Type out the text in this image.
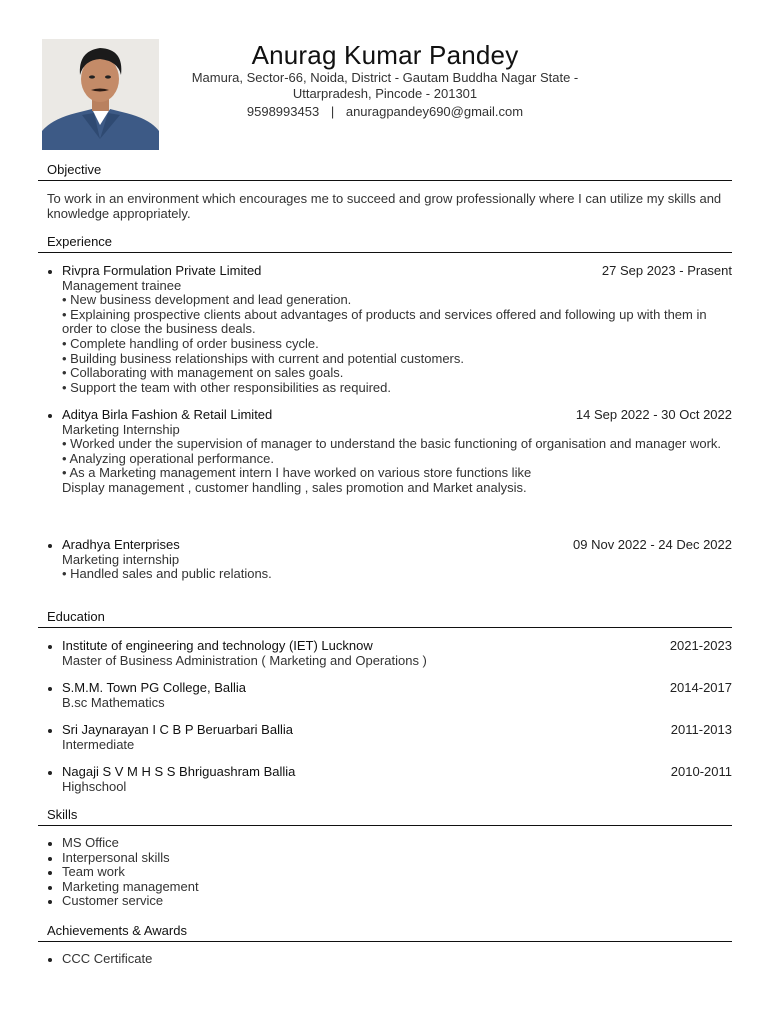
Anurag Kumar Pandey
Mamura, Sector-66, Noida, District - Gautam Buddha Nagar State - Uttarpradesh, Pincode - 201301
9598993453 | anuragpandey690@gmail.com
Objective
To work in an environment which encourages me to succeed and grow professionally where I can utilize my skills and knowledge appropriately.
Experience
Rivpra Formulation Private Limited	27 Sep 2023 - Prasent
Management trainee
• New business development and lead generation.
• Explaining prospective clients about advantages of products and services offered and following up with them in order to close the business deals.
• Complete handling of order business cycle.
• Building business relationships with current and potential customers.
• Collaborating with management on sales goals.
• Support the team with other responsibilities as required.
Aditya Birla Fashion & Retail Limited	14 Sep 2022 - 30 Oct 2022
Marketing Internship
• Worked under the supervision of manager to understand the basic functioning of organisation and manager work.
• Analyzing operational performance.
• As a Marketing management intern I have worked on various store functions like
Display management , customer handling , sales promotion and Market analysis.
Aradhya Enterprises	09 Nov 2022 - 24 Dec 2022
Marketing internship
• Handled sales and public relations.
Education
Institute of engineering and technology (IET) Lucknow	2021-2023
Master of Business Administration ( Marketing and Operations )
S.M.M. Town PG College, Ballia	2014-2017
B.sc Mathematics
Sri Jaynarayan I C B P Beruarbari Ballia	2011-2013
Intermediate
Nagaji S V M H S S Bhriguashram Ballia	2010-2011
Highschool
Skills
MS Office
Interpersonal skills
Team work
Marketing management
Customer service
Achievements & Awards
CCC Certificate
